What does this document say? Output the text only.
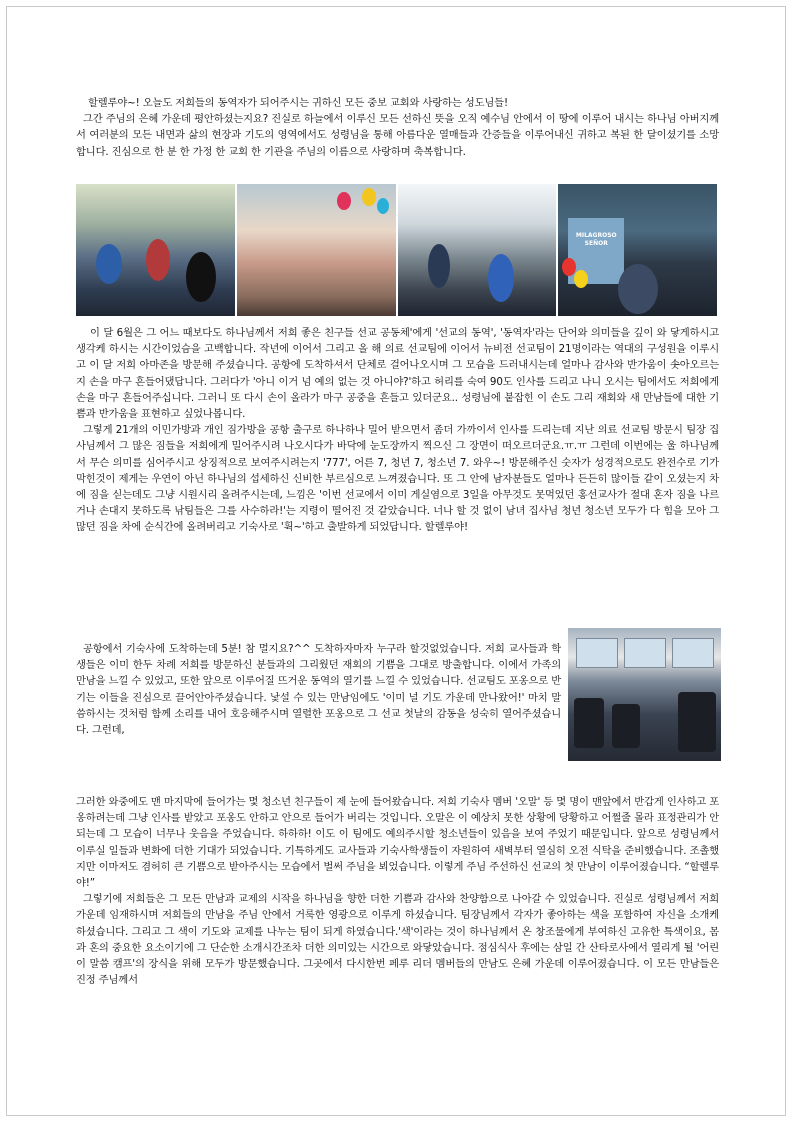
할렐루야~! 오늘도 저희들의 동역자가 되어주시는 귀하신 모든 중보 교회와 사랑하는 성도님들!

그간 주님의 은혜 가운데 평안하셨는지요? 진실로 하늘에서 이루신 모든 선하신 뜻을 오직 예수님 안에서 이 땅에 이루어 내시는 하나님 아버지께서 여러분의 모든 내면과 삶의 현장과 기도의 영역에서도 성령님을 통해 아름다운 열매들과 간증들을 이루어내신 귀하고 복된 한 달이셨기를 소망합니다. 진심으로 한 분 한 가정 한 교회 한 기관을 주님의 이름으로 사랑하며 축복합니다.

MILAGROSO SEÑOR

이 달 6월은 그 어느 때보다도 하나님께서 저희 좋은 친구들 선교 공동체'에게 '선교의 동역', '동역자'라는 단어와 의미들을 깊이 와 닿게하시고 생각케 하시는 시간이었슴을 고백합니다. 작년에 이어서 그리고 올 해 의료 선교팀에 이어서 뉴비전 선교팀이 21명이라는 역대의 구성원을 이루시고 이 달 저희 아마존을 방문해 주셨습니다. 공항에 도착하셔서 단체로 걸어나오시며 그 모습을 드러내시는데 얼마나 감사와 반가움이 솟아오르는지 손을 마구 흔들어댔답니다. 그러다가 '아니 이거 넘 예의 없는 것 아니야?'하고 허리를 숙여 90도 인사를 드리고 나니 오시는 팀에서도 저희에게 손을 마구 흔들어주십니다. 그러니 또 다시 손이 올라가 마구 공중을 흔들고 있더군요.. 성령님에 붙잡힌 이 손도 그리 재회와 새 만남들에 대한 기쁨과 반가움을 표현하고 싶었나봅니다.

그렇게 21개의 이민가방과 개인 짐가방을 공항 출구로 하나하나 밀어 받으면서 좀더 가까이서 인사를 드리는데 지난 의료 선교팀 방문시 팀장 집사님께서 그 많은 짐들을 저희에게 밀어주시려 나오시다가 바닥에 눈도장까지 찍으신 그 장면이 떠오르더군요.ㅠ.ㅠ 그런데 이번에는 울 하나님께서 무슨 의미를 심어주시고 상징적으로 보여주시려는지 '777', 어른 7, 청년 7, 청소년 7. 와우~! 방문해주신 숫자가 성경적으로도 완전수로 기가 막힌것이 제게는 우연이 아닌 하나님의 섭세하신 신비한 부르심으로 느껴졌습니다. 또 그 안에 남자분들도 얼마나 든든히 많이들 같이 오셨는지 차에 짐을 싣는데도 그냥 시원시리 올려주시는데, 느낌은 '이번 선교에서 이미 게실염으로 3일을 아무것도 못먹었던 홍선교사가 절대 혼자 짐을 나르거나 손대지 못하도록 낚팀들은 그를 사수하라!'는 지령이 떨어진 것 같았습니다. 너나 할 것 없이 남녀 집사님 청년 청소년 모두가 다 힘을 모아 그 많던 짐을 차에 순식간에 올려버리고 기숙사로 '휙~'하고 출발하게 되었답니다. 할렐루야!

공항에서 기숙사에 도착하는데 5분! 참 멀지요?^^ 도착하자마자 누구라 할것없었습니다. 저희 교사들과 학생들은 이미 한두 차례 저희를 방문하신 분들과의 그리웠던 재회의 기쁨을 그대로 방출합니다. 이에서 가족의 만남을 느낄 수 있었고, 또한 앞으로 이루어질 뜨거운 동역의 열기를 느낄 수 있었습니다. 선교팀도 포옹으로 반기는 이들을 진심으로 끌어안아주셨습니다. 낯설 수 있는 만남임에도 '이미 널 기도 가운데 만나왔어!' 마치 말씀하시는 것처럼 함께 소리를 내어 호응해주시며 열렬한 포옹으로 그 선교 첫날의 감동을 성숙히 열어주셨습니다. 그런데,

그러한 와중에도 맨 마지막에 들어가는 몇 청소년 친구들이 제 눈에 들어왔습니다. 저희 기숙사 멤버 '오말' 등 몇 명이 맨앞에서 반갑게 인사하고 포옹하려는데 그냥 인사를 받았고 포옹도 안하고 안으로 들어가 버리는 것입니다. 오말은 이 예상치 못한 상황에 당황하고 어쩔줄 몰라 표정관리가 안되는데 그 모습이 너무나 웃음을 주었습니다. 하하하! 이도 이 팀에도 예의주시할 청소년들이 있음을 보여 주었기 때문입니다. 앞으로 성령님께서 이루실 일들과 변화에 더한 기대가 되었습니다. 기특하게도 교사들과 기숙사학생들이 자원하여 새벽부터 열심히 오전 식탁을 준비했습니다. 조촐했지만 이마저도 겸허히 큰 기쁨으로 받아주시는 모습에서 벌써 주님을 뵈었습니다. 이렇게 주님 주선하신 선교의 첫 만남이 이루어졌습니다. “할렐루야!”

그렇기에 저희들은 그 모든 만남과 교제의 시작을 하나님을 향한 더한 기쁨과 감사와 찬양함으로 나아갈 수 있었습니다. 진실로 성령님께서 저희 가운데 임재하시며 저희들의 만남을 주님 안에서 거룩한 영광으로 이루게 하셨습니다. 팀장님께서 각자가 좋아하는 색을 포함하여 자신을 소개케 하셨습니다. 그리고 그 색이 기도와 교제를 나누는 팀이 되게 하였습니다.'색'이라는 것이 하나님께서 온 창조물에게 부여하신 고유한 특색이요, 몸과 혼의 중요한 요소이기에 그 단순한 소개시간조차 더한 의미있는 시간으로 와닿았습니다. 점심식사 후에는 삼일 간 산타로사에서 열리게 될 '어린이 말씀 캠프'의 장식을 위해 모두가 방문했습니다. 그곳에서 다시한번 페루 리더 멤버들의 만남도 은혜 가운데 이루어졌습니다. 이 모든 만남들은 진정 주님께서
